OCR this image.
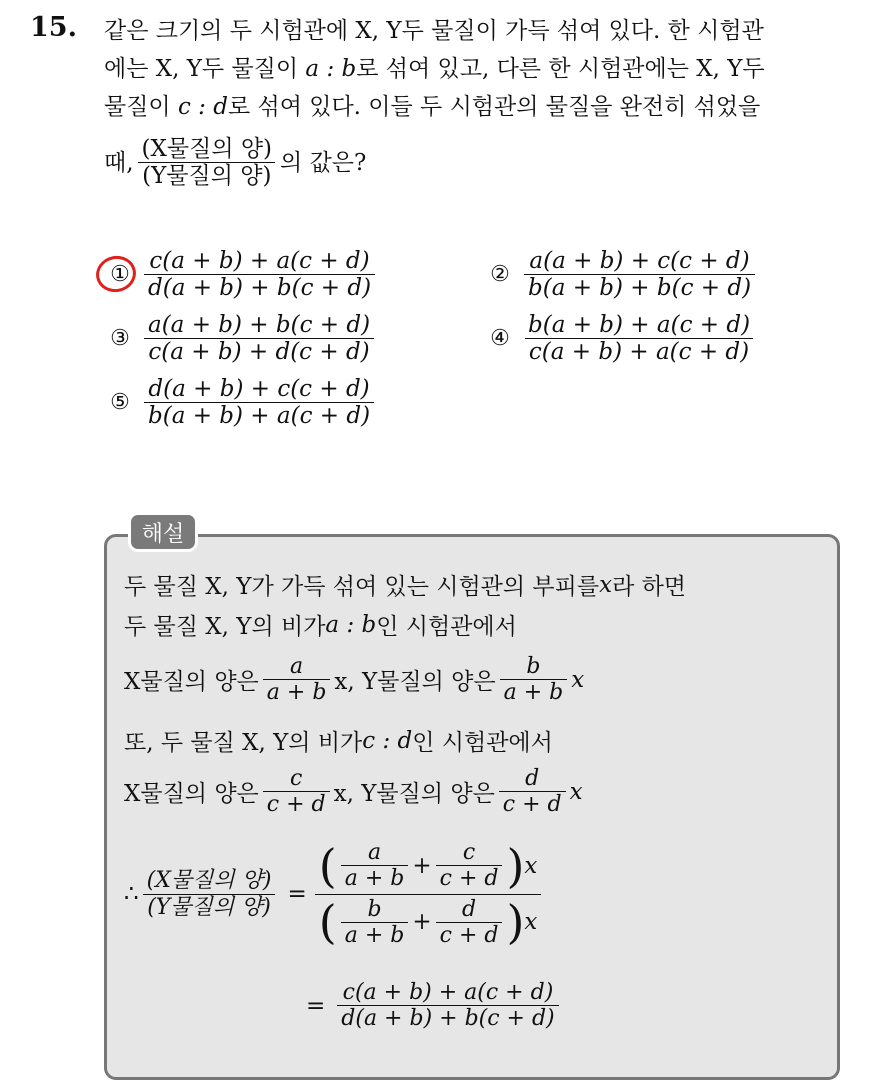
15. 같은 크기의 두 시험관에 X, Y두 물질이 가득 섞여 있다. 한 시험관

에는 X, Y두 물질이 a : b로 섞여 있고, 다른 한 시험관에는 X, Y두

물질이 c : d로 섞여 있다. 이들 두 시험관의 물질을 완전히 섞었을

때, $\frac{\text{(X물질의 양)}}{\text{(Y물질의 양)}}$ 의 값은?

① $\frac{c(a + b) + a(c + d)}{d(a + b) + b(c + d)}$	② $\frac{a(a + b) + c(c + d)}{b(a + b) + b(c + d)}$
③ $\frac{a(a + b) + b(c + d)}{c(a + b) + d(c + d)}$	④ $\frac{b(a + b) + a(c + d)}{c(a + b) + a(c + d)}$
⑤ $\frac{d(a + b) + c(c + d)}{b(a + b) + a(c + d)}$
해설
두 물질 X, Y가 가득 섞여 있는 시험관의 부피를 x 라 하면
두 물질 X, Y의 비가 a : b 인 시험관에서
X물질의 양은 $\frac{a}{a + b} x$, Y물질의 양은 $\frac{b}{a + b}$ x
또, 두 물질 X, Y의 비가 c : d 인 시험관에서
X물질의 양은 $\frac{c}{c + d} x$, Y물질의 양은 $\frac{d}{c + d}$ x
∴ $\frac{\text{(X물질의 양)}}{\text{(Y물질의 양)}} = \frac{( \frac{a}{a + b} + \frac{c}{c + d} ) x}{( \frac{b}{a + b} + \frac{d}{c + d} ) x}$
= $\frac{c(a + b) + a(c + d)}{d(a + b) + b(c + d)}$
